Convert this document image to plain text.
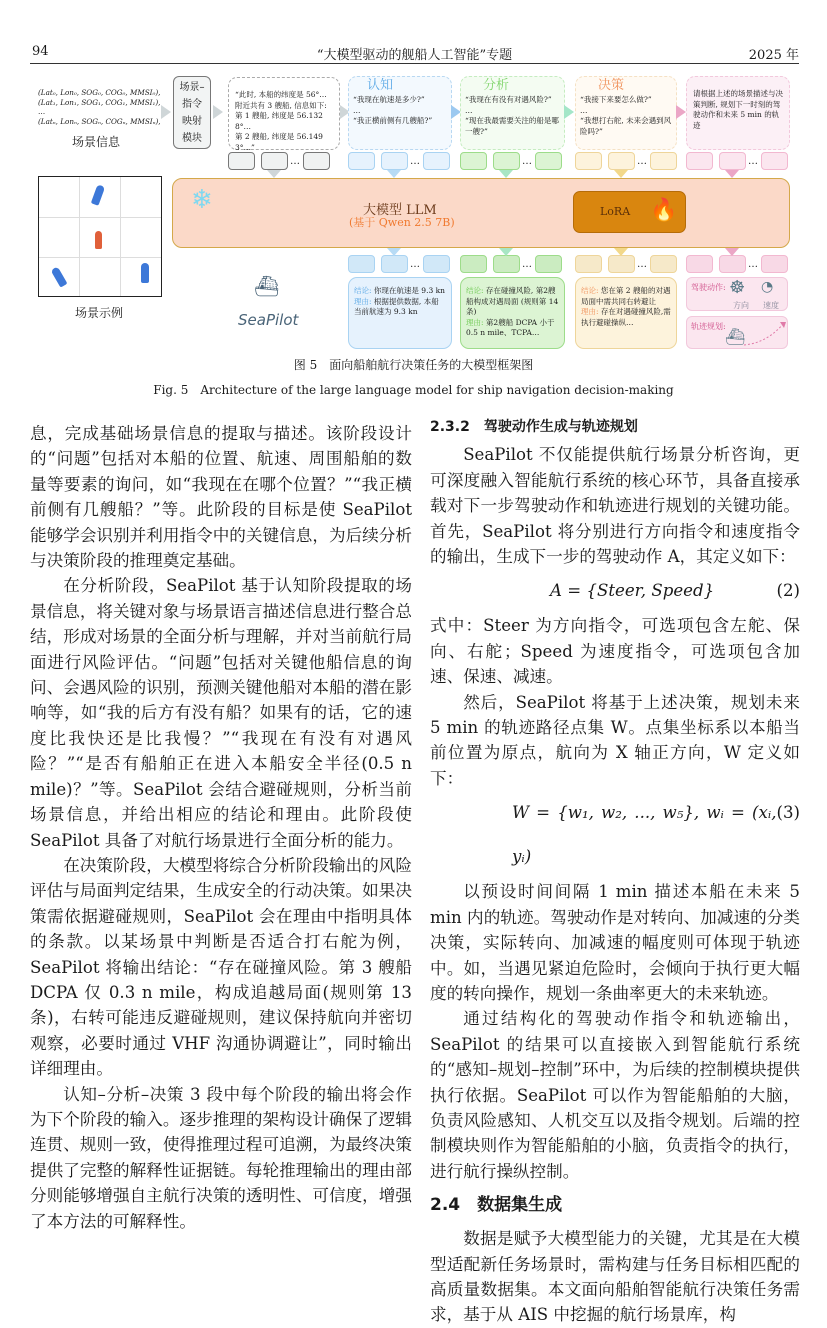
94	“大模型驱动的舰船人工智能”专题	2025 年
(Lat₀, Lon₀, SOG₀, COG₀, MMSI₀),
(Lat₁, Lon₁, SOG₁, COG₁, MMSI₁),
…
(Latₙ, Lonₙ, SOGₙ, COGₙ, MMSIₙ),
场景信息
场景–
指令
映射
模块
“此时, 本船的纬度是 56°…
附近共有 3 艘船, 信息如下:
第 1 艘船, 纬度是 56.132 8°…
第 2 艘船, 纬度是 56.149 3°…”
认知
“我现在航速是多少?”
…
“我正横前侧有几艘船?”
分析
“我现在有没有对遇风险?”
…
“现在我最需要关注的船是哪一艘?”
决策
“我接下来要怎么做?”
…
“我想打右舵, 未来会遇到风险吗?”
请根据上述的场景描述与决策判断, 规划下一时刻的驾驶动作和未来 5 min 的轨迹
❄	大模型 LLM
(基于 Qwen 2.5 7B)
LoRA 🔥
场景示例
⛴
SeaPilot
结论: 你现在航速是 9.3 kn
理由: 根据提供数据, 本船当前航速为 9.3 kn
结论: 存在碰撞风险, 第2艘船构成对遇局面 (规则第 14 条)
理由: 第2艘船 DCPA 小于 0.5 n mile、TCPA…
结论: 您在第 2 艘船的对遇局面中需共同右转避让
理由: 存在对遇碰撞风险,需执行避碰操纵…
驾驶动作: ☸ ◔
方向 速度
轨迹规划:
⛴
图 5　面向船舶航行决策任务的大模型框架图
Fig. 5　Architecture of the large language model for ship navigation decision-making
…	…	…	…	…
…	…	…	…

息，完成基础场景信息的提取与描述。该阶段设计的“问题”包括对本船的位置、航速、周围船舶的数量等要素的询问，如“我现在在哪个位置？”“我正横前侧有几艘船？”等。此阶段的目标是使 SeaPilot 能够学会识别并利用指令中的关键信息，为后续分析与决策阶段的推理奠定基础。

在分析阶段，SeaPilot 基于认知阶段提取的场景信息，将关键对象与场景语言描述信息进行整合总结，形成对场景的全面分析与理解，并对当前航行局面进行风险评估。“问题”包括对关键他船信息的询问、会遇风险的识别，预测关键他船对本船的潜在影响等，如“我的后方有没有船？如果有的话，它的速度比我快还是比我慢？”“我现在有没有对遇风险？”“是否有船舶正在进入本船安全半径(0.5 n mile)？”等。SeaPilot 会结合避碰规则，分析当前场景信息，并给出相应的结论和理由。此阶段使 SeaPilot 具备了对航行场景进行全面分析的能力。

在决策阶段，大模型将综合分析阶段输出的风险评估与局面判定结果，生成安全的行动决策。如果决策需依据避碰规则，SeaPilot 会在理由中指明具体的条款。以某场景中判断是否适合打右舵为例，SeaPilot 将输出结论：“存在碰撞风险。第 3 艘船 DCPA 仅 0.3 n mile，构成追越局面(规则第 13 条)，右转可能违反避碰规则，建议保持航向并密切观察，必要时通过 VHF 沟通协调避让”，同时输出详细理由。

认知–分析–决策 3 段中每个阶段的输出将会作为下个阶段的输入。逐步推理的架构设计确保了逻辑连贯、规则一致，使得推理过程可追溯，为最终决策提供了完整的解释性证据链。每轮推理输出的理由部分则能够增强自主航行决策的透明性、可信度，增强了本方法的可解释性。

2.3.2　驾驶动作生成与轨迹规划

SeaPilot 不仅能提供航行场景分析咨询，更可深度融入智能航行系统的核心环节，具备直接承载对下一步驾驶动作和轨迹进行规划的关键功能。首先，SeaPilot 将分别进行方向指令和速度指令的输出，生成下一步的驾驶动作 A，其定义如下：

A = {Steer, Speed}	(2)

式中：Steer 为方向指令，可选项包含左舵、保向、右舵；Speed 为速度指令，可选项包含加速、保速、减速。

然后，SeaPilot 将基于上述决策，规划未来 5 min 的轨迹路径点集 W。点集坐标系以本船当前位置为原点，航向为 X 轴正方向，W 定义如下：

W = {w₁, w₂, ..., w₅}, wᵢ = (xᵢ, yᵢ)
(3)

以预设时间间隔 1 min 描述本船在未来 5 min 内的轨迹。驾驶动作是对转向、加减速的分类决策，实际转向、加减速的幅度则可体现于轨迹中。如，当遇见紧迫危险时，会倾向于执行更大幅度的转向操作，规划一条曲率更大的未来轨迹。

通过结构化的驾驶动作指令和轨迹输出，SeaPilot 的结果可以直接嵌入到智能航行系统的“感知–规划–控制”环中，为后续的控制模块提供执行依据。SeaPilot 可以作为智能船舶的大脑，负责风险感知、人机交互以及指令规划。后端的控制模块则作为智能船舶的小脑，负责指令的执行，进行航行操纵控制。

2.4　数据集生成

数据是赋予大模型能力的关键，尤其是在大模型适配新任务场景时，需构建与任务目标相匹配的高质量数据集。本文面向船舶智能航行决策任务需求，基于从 AIS 中挖掘的航行场景库，构
